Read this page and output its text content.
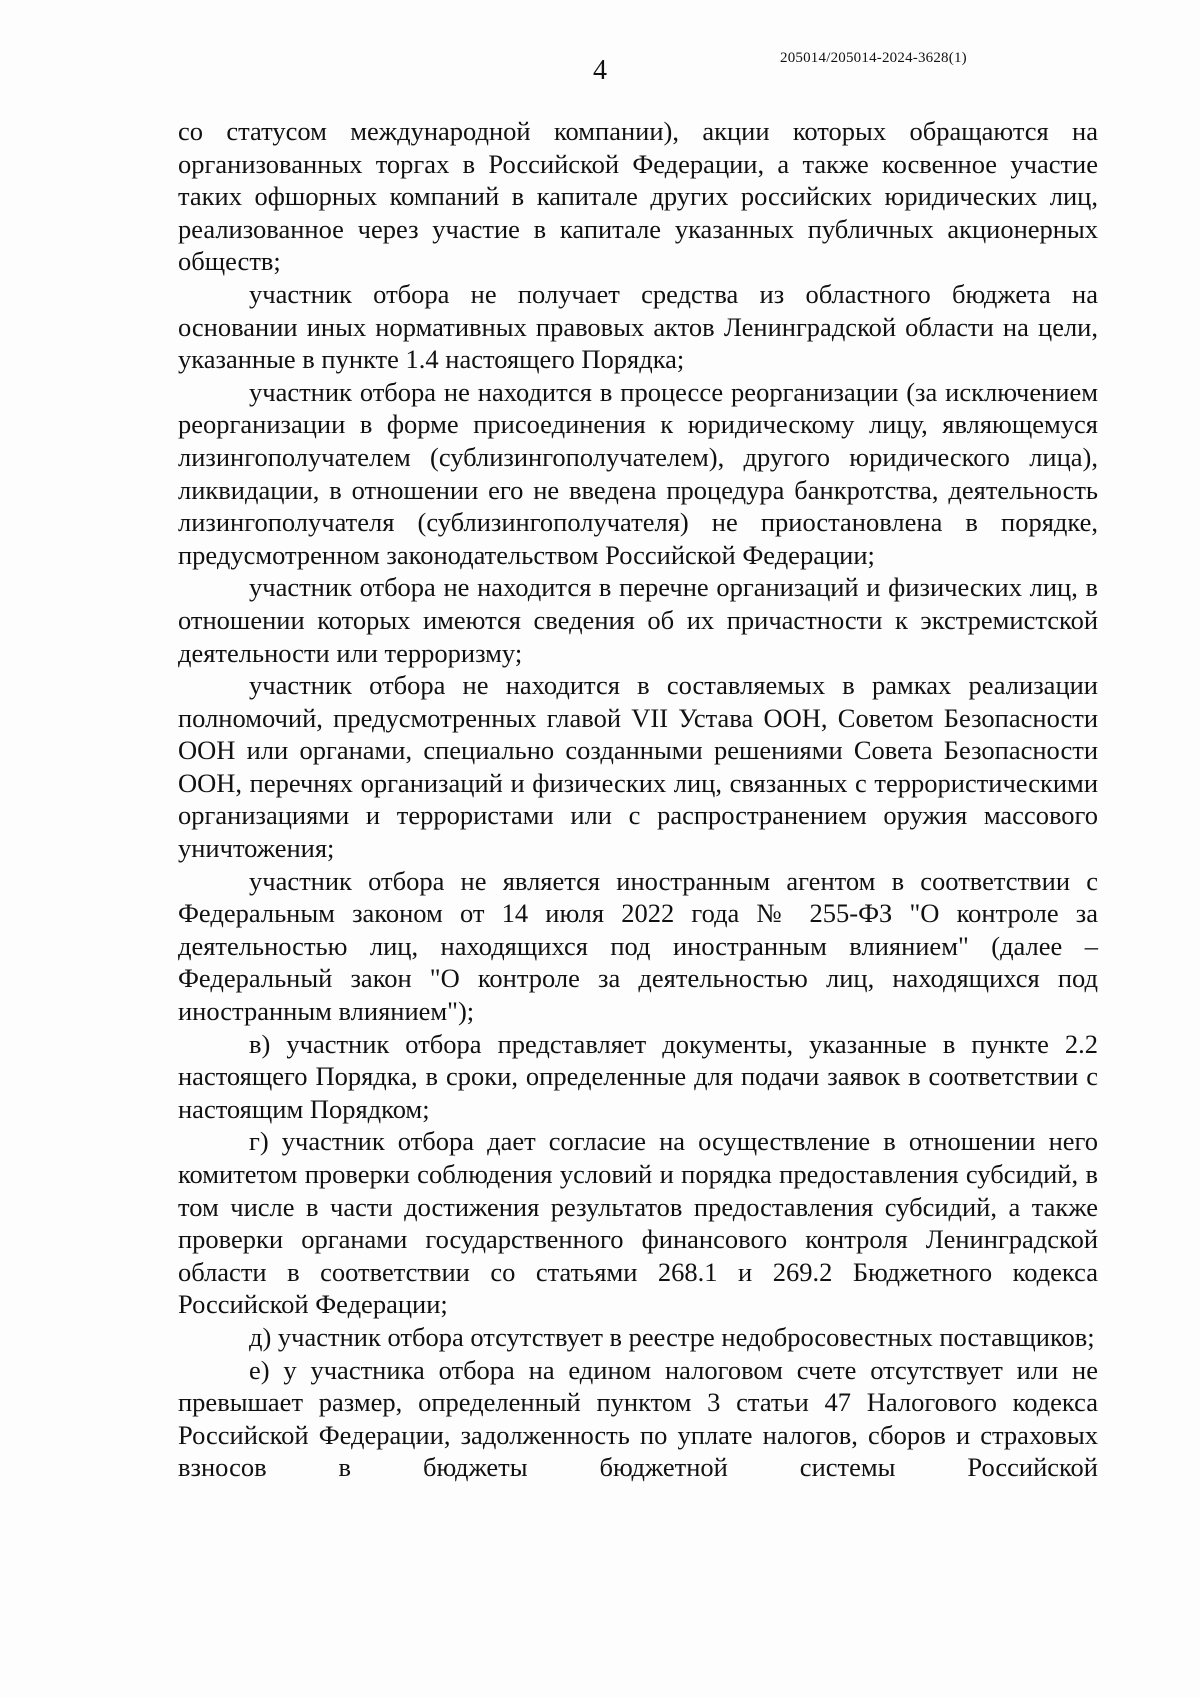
4	205014/205014-2024-3628(1)

со статусом международной компании), акции которых обращаются на организованных торгах в Российской Федерации, а также косвенное участие таких офшорных компаний в капитале других российских юридических лиц, реализованное через участие в капитале указанных публичных акционерных обществ;

участник отбора не получает средства из областного бюджета на основании иных нормативных правовых актов Ленинградской области на цели, указанные в пункте 1.4 настоящего Порядка;

участник отбора не находится в процессе реорганизации (за исключением реорганизации в форме присоединения к юридическому лицу, являющемуся лизингополучателем (сублизингополучателем), другого юридического лица), ликвидации, в отношении его не введена процедура банкротства, деятельность лизингополучателя (сублизингополучателя) не приостановлена в порядке, предусмотренном законодательством Российской Федерации;

участник отбора не находится в перечне организаций и физических лиц, в отношении которых имеются сведения об их причастности к экстремистской деятельности или терроризму;

участник отбора не находится в составляемых в рамках реализации полномочий, предусмотренных главой VII Устава ООН, Советом Безопасности ООН или органами, специально созданными решениями Совета Безопасности ООН, перечнях организаций и физических лиц, связанных с террористическими организациями и террористами или с распространением оружия массового уничтожения;

участник отбора не является иностранным агентом в соответствии с Федеральным законом от 14 июля 2022 года № 255-ФЗ "О контроле за деятельностью лиц, находящихся под иностранным влиянием" (далее – Федеральный закон "О контроле за деятельностью лиц, находящихся под иностранным влиянием");

в) участник отбора представляет документы, указанные в пункте 2.2 настоящего Порядка, в сроки, определенные для подачи заявок в соответствии с настоящим Порядком;

г) участник отбора дает согласие на осуществление в отношении него комитетом проверки соблюдения условий и порядка предоставления субсидий, в том числе в части достижения результатов предоставления субсидий, а также проверки органами государственного финансового контроля Ленинградской области в соответствии со статьями 268.1 и 269.2 Бюджетного кодекса Российской Федерации;

д) участник отбора отсутствует в реестре недобросовестных поставщиков;

е) у участника отбора на едином налоговом счете отсутствует или не превышает размер, определенный пунктом 3 статьи 47 Налогового кодекса Российской Федерации, задолженность по уплате налогов, сборов и страховых взносов в бюджеты бюджетной системы Российской
